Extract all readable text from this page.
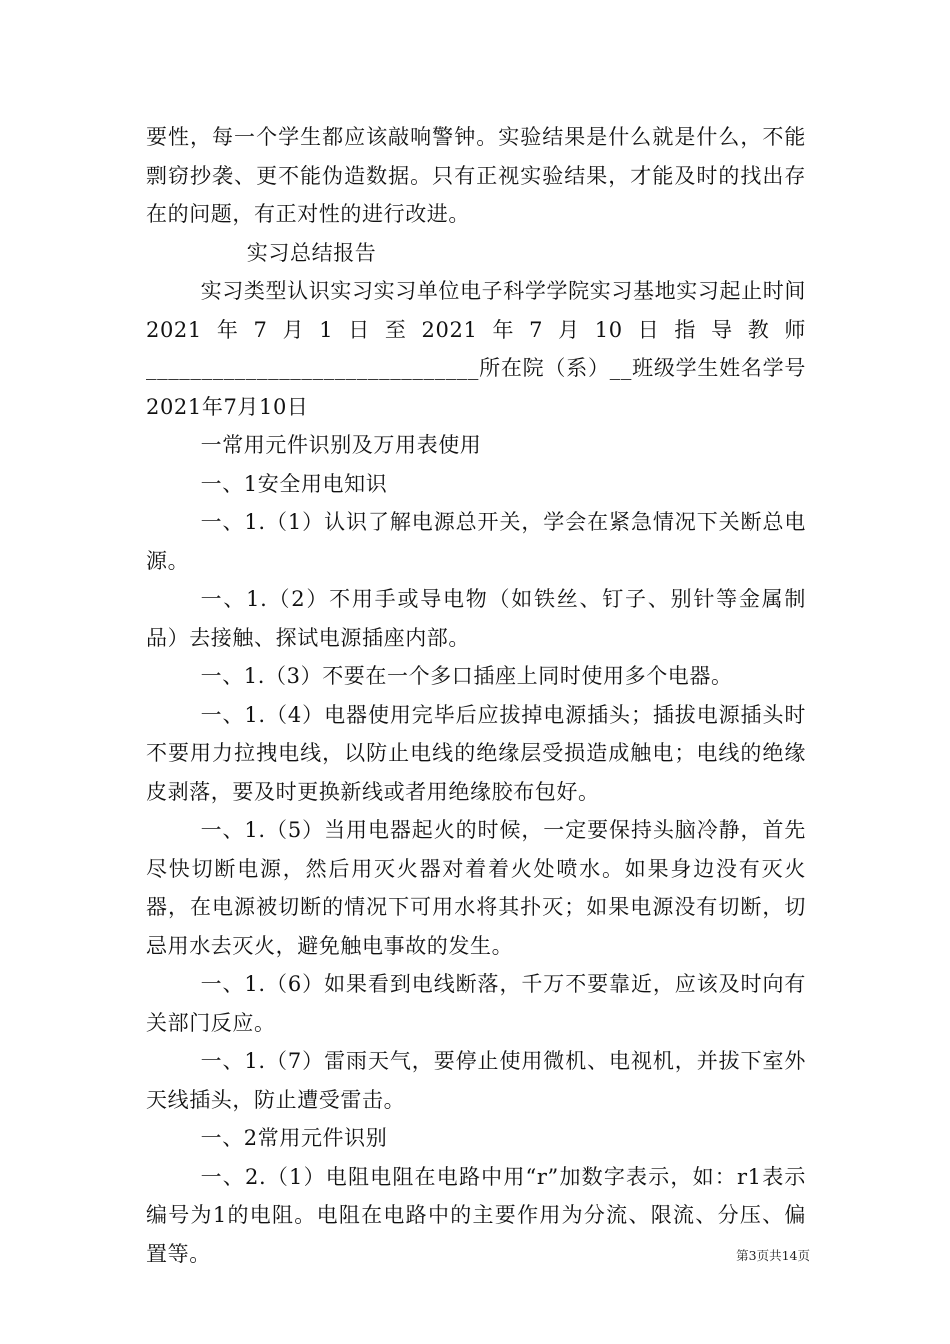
要性，每一个学生都应该敲响警钟。实验结果是什么就是什么，不能剽窃抄袭、更不能伪造数据。只有正视实验结果，才能及时的找出存在的问题，有正对性的进行改进。

实习总结报告

实习类型认识实习实习单位电子科学学院实习基地实习起止时间2021年7月1日至2021年7月10日指导教师______________________________所在院（系）__班级学生姓名学号2021年7月10日

一常用元件识别及万用表使用

一、1安全用电知识

一、1.（1）认识了解电源总开关，学会在紧急情况下关断总电源。

一、1.（2）不用手或导电物（如铁丝、钉子、别针等金属制品）去接触、探试电源插座内部。

一、1.（3）不要在一个多口插座上同时使用多个电器。

一、1.（4）电器使用完毕后应拔掉电源插头；插拔电源插头时不要用力拉拽电线，以防止电线的绝缘层受损造成触电；电线的绝缘皮剥落，要及时更换新线或者用绝缘胶布包好。

一、1.（5）当用电器起火的时候，一定要保持头脑冷静，首先尽快切断电源，然后用灭火器对着着火处喷水。如果身边没有灭火器，在电源被切断的情况下可用水将其扑灭；如果电源没有切断，切忌用水去灭火，避免触电事故的发生。

一、1.（6）如果看到电线断落，千万不要靠近，应该及时向有关部门反应。

一、1.（7）雷雨天气，要停止使用微机、电视机，并拔下室外天线插头，防止遭受雷击。

一、2常用元件识别

一、2.（1）电阻电阻在电路中用“r”加数字表示，如：r1表示编号为1的电阻。电阻在电路中的主要作用为分流、限流、分压、偏置等。	第3页共14页
